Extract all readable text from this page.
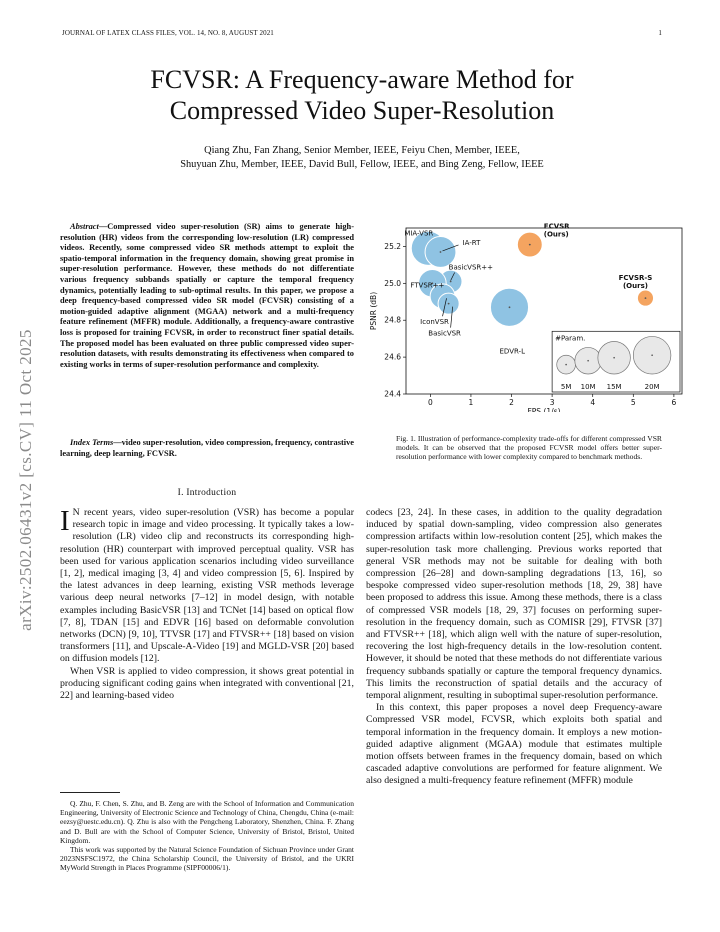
JOURNAL OF LATEX CLASS FILES, VOL. 14, NO. 8, AUGUST 2021	1
arXiv:2502.06431v2 [cs.CV] 11 Oct 2025
FCVSR: A Frequency-aware Method for
Compressed Video Super-Resolution
Qiang Zhu, Fan Zhang, Senior Member, IEEE, Feiyu Chen, Member, IEEE,
Shuyuan Zhu, Member, IEEE, David Bull, Fellow, IEEE, and Bing Zeng, Fellow, IEEE

Abstract—Compressed video super-resolution (SR) aims to generate high-resolution (HR) videos from the corresponding low-resolution (LR) compressed videos. Recently, some compressed video SR methods attempt to exploit the spatio-temporal information in the frequency domain, showing great promise in super-resolution performance. However, these methods do not differentiate various frequency subbands spatially or capture the temporal frequency dynamics, potentially leading to sub-optimal results. In this paper, we propose a deep frequency-based compressed video SR model (FCVSR) consisting of a motion-guided adaptive alignment (MGAA) network and a multi-frequency feature refinement (MFFR) module. Additionally, a frequency-aware contrastive loss is proposed for training FCVSR, in order to reconstruct finer spatial details. The proposed model has been evaluated on three public compressed video super-resolution datasets, with results demonstrating its effectiveness when compared to existing works in terms of super-resolution performance and complexity.

Index Terms—video super-resolution, video compression, frequency, contrastive learning, deep learning, FCVSR.

I. Introduction

I N recent years, video super-resolution (VSR) has become a popular research topic in image and video processing. It typically takes a low-resolution (LR) video clip and reconstructs its corresponding high-resolution (HR) counterpart with improved perceptual quality. VSR has been used for various application scenarios including video surveillance [1, 2], medical imaging [3, 4] and video compression [5, 6]. Inspired by the latest advances in deep learning, existing VSR methods leverage various deep neural networks [7–12] in model design, with notable examples including BasicVSR [13] and TCNet [14] based on optical flow [7, 8], TDAN [15] and EDVR [16] based on deformable convolution networks (DCN) [9, 10], TTVSR [17] and FTVSR++ [18] based on vision transformers [11], and Upscale-A-Video [19] and MGLD-VSR [20] based on diffusion models [12].

When VSR is applied to video compression, it shows great potential in producing significant coding gains when integrated with conventional [21, 22] and learning-based video

Q. Zhu, F. Chen, S. Zhu, and B. Zeng are with the School of Information and Communication Engineering, University of Electronic Science and Technology of China, Chengdu, China (e-mail: eezsy@uestc.edu.cn). Q. Zhu is also with the Pengcheng Laboratory, Shenzhen, China. F. Zhang and D. Bull are with the School of Computer Science, University of Bristol, Bristol, United Kingdom.

This work was supported by the Natural Science Foundation of Sichuan Province under Grant 2023NSFSC1972, the China Scholarship Council, the University of Bristol, and the UKRI MyWorld Strength in Places Programme (SIPF00006/1).

MIA-VSR
IA-RT
BasicVSR++
FTVSR++
IconVSR
BasicVSR
EDVR-L
FCVSR
(Ours)
FCVSR-S
(Ours)
0	1	2	3	4	5	6
24.4
24.6
24.8
25.0
25.2
FPS (1/s)
PSNR (dB)
#Param.
5M 10M 15M	20M
Fig. 1. Illustration of performance-complexity trade-offs for different compressed VSR models. It can be observed that the proposed FCVSR model offers better super-resolution performance with lower complexity compared to benchmark methods.

codecs [23, 24]. In these cases, in addition to the quality degradation induced by spatial down-sampling, video compression also generates compression artifacts within low-resolution content [25], which makes the super-resolution task more challenging. Previous works reported that general VSR methods may not be suitable for dealing with both compression [26–28] and down-sampling degradations [13, 16], so bespoke compressed video super-resolution methods [18, 29, 38] have been proposed to address this issue. Among these methods, there is a class of compressed VSR models [18, 29, 37] focuses on performing super-resolution in the frequency domain, such as COMISR [29], FTVSR [37] and FTVSR++ [18], which align well with the nature of super-resolution, recovering the lost high-frequency details in the low-resolution content. However, it should be noted that these methods do not differentiate various frequency subbands spatially or capture the temporal frequency dynamics. This limits the reconstruction of spatial details and the accuracy of temporal alignment, resulting in suboptimal super-resolution performance.

In this context, this paper proposes a novel deep Frequency-aware Compressed VSR model, FCVSR, which exploits both spatial and temporal information in the frequency domain. It employs a new motion-guided adaptive alignment (MGAA) module that estimates multiple motion offsets between frames in the frequency domain, based on which cascaded adaptive convolutions are performed for feature alignment. We also designed a multi-frequency feature refinement (MFFR) module
